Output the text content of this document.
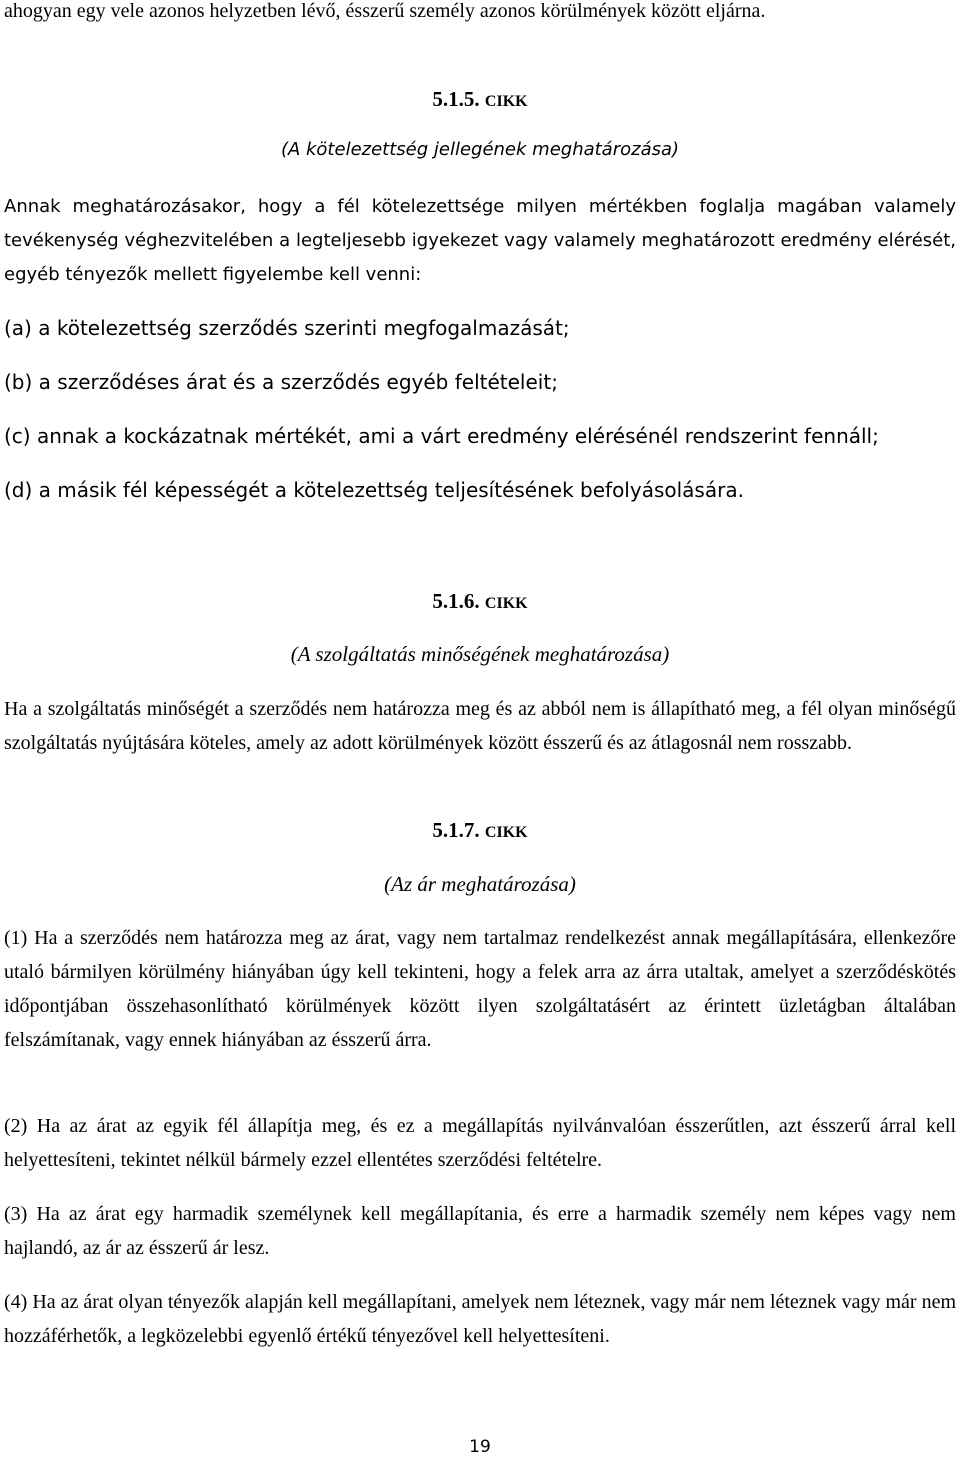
ahogyan egy vele azonos helyzetben lévő, ésszerű személy azonos körülmények között eljárna.

5.1.5. CIKK
(A kötelezettség jellegének meghatározása)

Annak meghatározásakor, hogy a fél kötelezettsége milyen mértékben foglalja magában valamely tevékenység véghezvitelében a legteljesebb igyekezet vagy valamely meghatározott eredmény elérését, egyéb tényezők mellett figyelembe kell venni:

(a) a kötelezettség szerződés szerinti megfogalmazását;

(b) a szerződéses árat és a szerződés egyéb feltételeit;

(c) annak a kockázatnak mértékét, ami a várt eredmény elérésénél rendszerint fennáll;

(d) a másik fél képességét a kötelezettség teljesítésének befolyásolására.

5.1.6. CIKK
(A szolgáltatás minőségének meghatározása)

Ha a szolgáltatás minőségét a szerződés nem határozza meg és az abból nem is állapítható meg, a fél olyan minőségű szolgáltatás nyújtására köteles, amely az adott körülmények között ésszerű és az átlagosnál nem rosszabb.

5.1.7. CIKK
(Az ár meghatározása)

(1) Ha a szerződés nem határozza meg az árat, vagy nem tartalmaz rendelkezést annak megállapítására, ellenkezőre utaló bármilyen körülmény hiányában úgy kell tekinteni, hogy a felek arra az árra utaltak, amelyet a szerződéskötés időpontjában összehasonlítható körülmények között ilyen szolgáltatásért az érintett üzletágban általában felszámítanak, vagy ennek hiányában az ésszerű árra.

(2) Ha az árat az egyik fél állapítja meg, és ez a megállapítás nyilvánvalóan ésszerűtlen, azt ésszerű árral kell helyettesíteni, tekintet nélkül bármely ezzel ellentétes szerződési feltételre.

(3) Ha az árat egy harmadik személynek kell megállapítania, és erre a harmadik személy nem képes vagy nem hajlandó, az ár az ésszerű ár lesz.

(4) Ha az árat olyan tényezők alapján kell megállapítani, amelyek nem léteznek, vagy már nem léteznek vagy már nem hozzáférhetők, a legközelebbi egyenlő értékű tényezővel kell helyettesíteni.

19
